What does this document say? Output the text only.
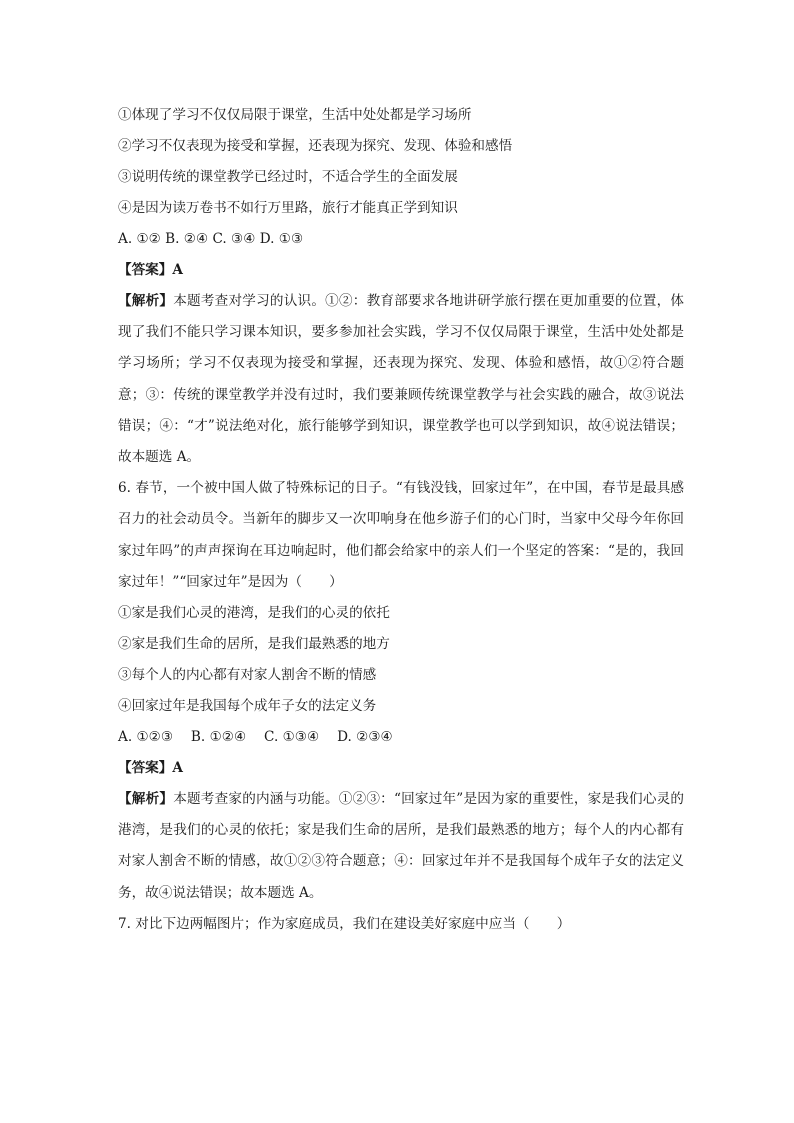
①体现了学习不仅仅局限于课堂，生活中处处都是学习场所
②学习不仅表现为接受和掌握，还表现为探究、发现、体验和感悟
③说明传统的课堂教学已经过时，不适合学生的全面发展
④是因为读万卷书不如行万里路，旅行才能真正学到知识
A. ①② B. ②④ C. ③④ D. ①③
【答案】A

【解析】本题考查对学习的认识。①②：教育部要求各地讲研学旅行摆在更加重要的位置，体现了我们不能只学习课本知识，要多参加社会实践，学习不仅仅局限于课堂，生活中处处都是学习场所；学习不仅表现为接受和掌握，还表现为探究、发现、体验和感悟，故①②符合题意；③：传统的课堂教学并没有过时，我们要兼顾传统课堂教学与社会实践的融合，故③说法错误；④：“才”说法绝对化，旅行能够学到知识，课堂教学也可以学到知识，故④说法错误；故本题选 A。

6. 春节，一个被中国人做了特殊标记的日子。“有钱没钱，回家过年”，在中国，春节是最具感召力的社会动员令。当新年的脚步又一次叩响身在他乡游子们的心门时，当家中父母今年你回家过年吗”的声声探询在耳边响起时，他们都会给家中的亲人们一个坚定的答案：“是的，我回家过年！”“回家过年”是因为（　　）

①家是我们心灵的港湾，是我们的心灵的依托
②家是我们生命的居所，是我们最熟悉的地方
③每个人的内心都有对家人割舍不断的情感
④回家过年是我国每个成年子女的法定义务
A. ①②③　 B. ①②④　 C. ①③④　 D. ②③④
【答案】A

【解析】本题考查家的内涵与功能。①②③：“回家过年”是因为家的重要性，家是我们心灵的港湾，是我们的心灵的依托；家是我们生命的居所，是我们最熟悉的地方；每个人的内心都有对家人割舍不断的情感，故①②③符合题意；④：回家过年并不是我国每个成年子女的法定义务，故④说法错误；故本题选 A。

7. 对比下边两幅图片；作为家庭成员，我们在建设美好家庭中应当（　　）
